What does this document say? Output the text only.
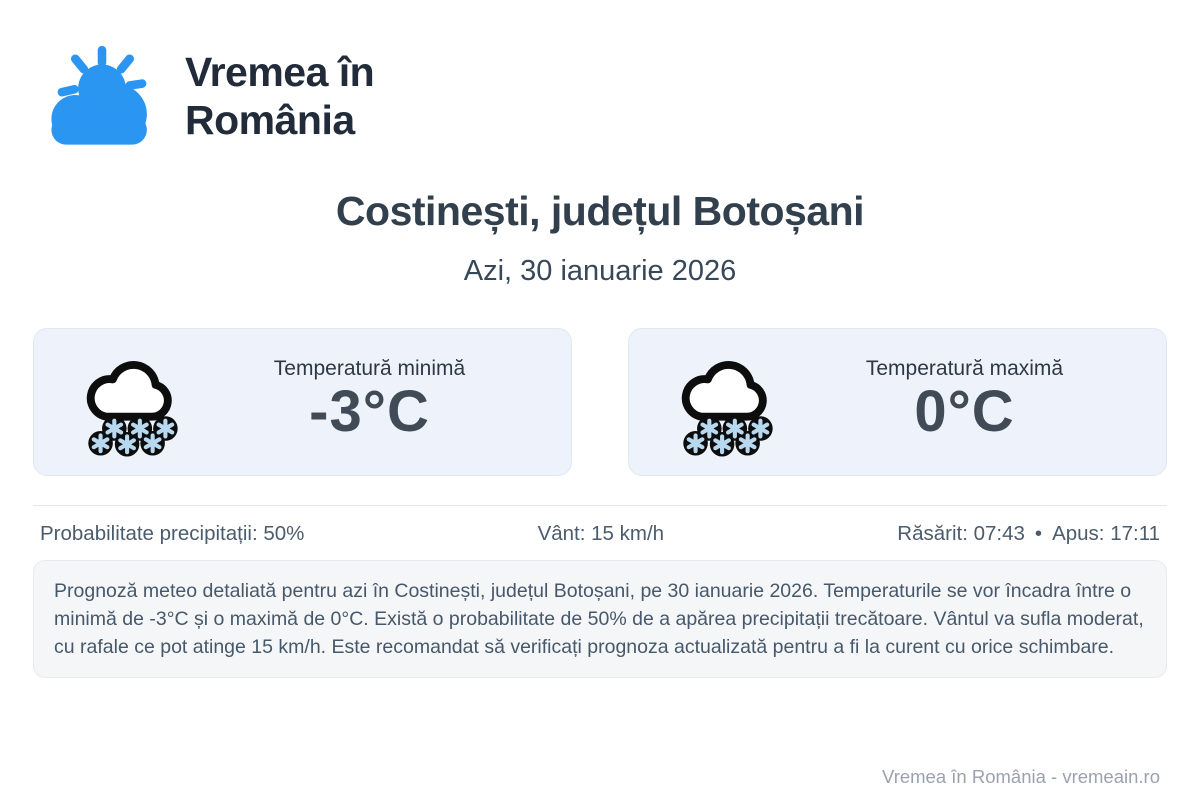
Vremea în
România
Costinești, județul Botoșani
Azi, 30 ianuarie 2026
Temperatură minimă
-3°C
Temperatură maximă
0°C
Probabilitate precipitații: 50%	Vânt: 15 km/h	Răsărit: 07:43 • Apus: 17:11
Prognoză meteo detaliată pentru azi în Costinești, județul Botoșani, pe 30 ianuarie 2026. Temperaturile se vor încadra între o minimă de -3°C și o maximă de 0°C. Există o probabilitate de 50% de a apărea precipitații trecătoare. Vântul va sufla moderat, cu rafale ce pot atinge 15 km/h. Este recomandat să verificați prognoza actualizată pentru a fi la curent cu orice schimbare.
Vremea în România - vremeain.ro
